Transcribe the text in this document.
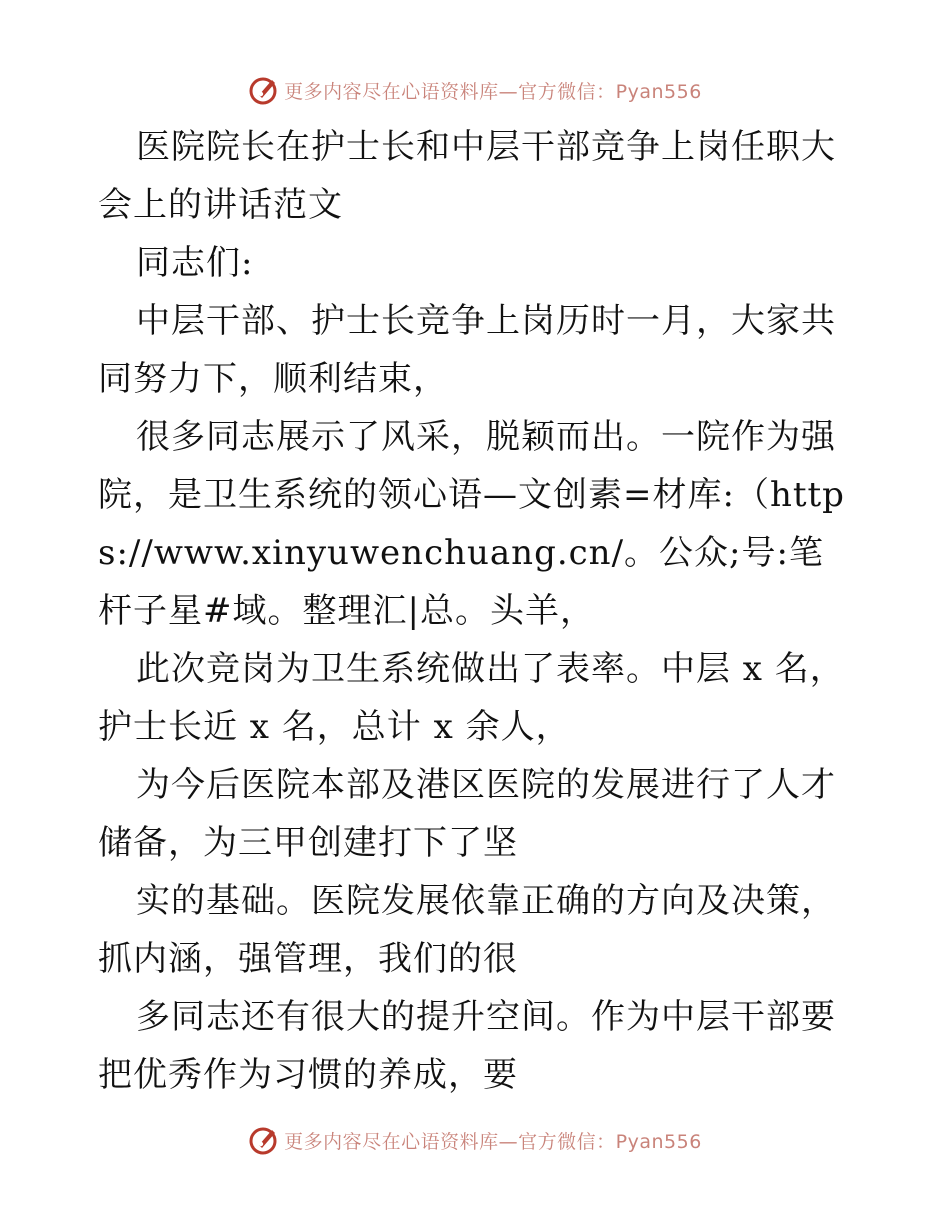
更多内容尽在心语资料库—官方微信：Pyan556

医院院长在护士长和中层干部竞争上岗任职大会上的讲话范文

同志们:

中层干部、护士长竞争上岗历时一月，大家共同努力下，顺利结束，

很多同志展示了风采，脱颖而出。一院作为强院，是卫生系统的领心语—文创素=材库:（https://www.xinyuwenchuang.cn/。公众;号:笔杆子星#域。整理汇|总。头羊，

此次竞岗为卫生系统做出了表率。中层 x 名，护士长近 x 名，总计 x 余人，

为今后医院本部及港区医院的发展进行了人才储备，为三甲创建打下了坚

实的基础。医院发展依靠正确的方向及决策，抓内涵，强管理，我们的很

多同志还有很大的提升空间。作为中层干部要把优秀作为习惯的养成，要

更多内容尽在心语资料库—官方微信：Pyan556
